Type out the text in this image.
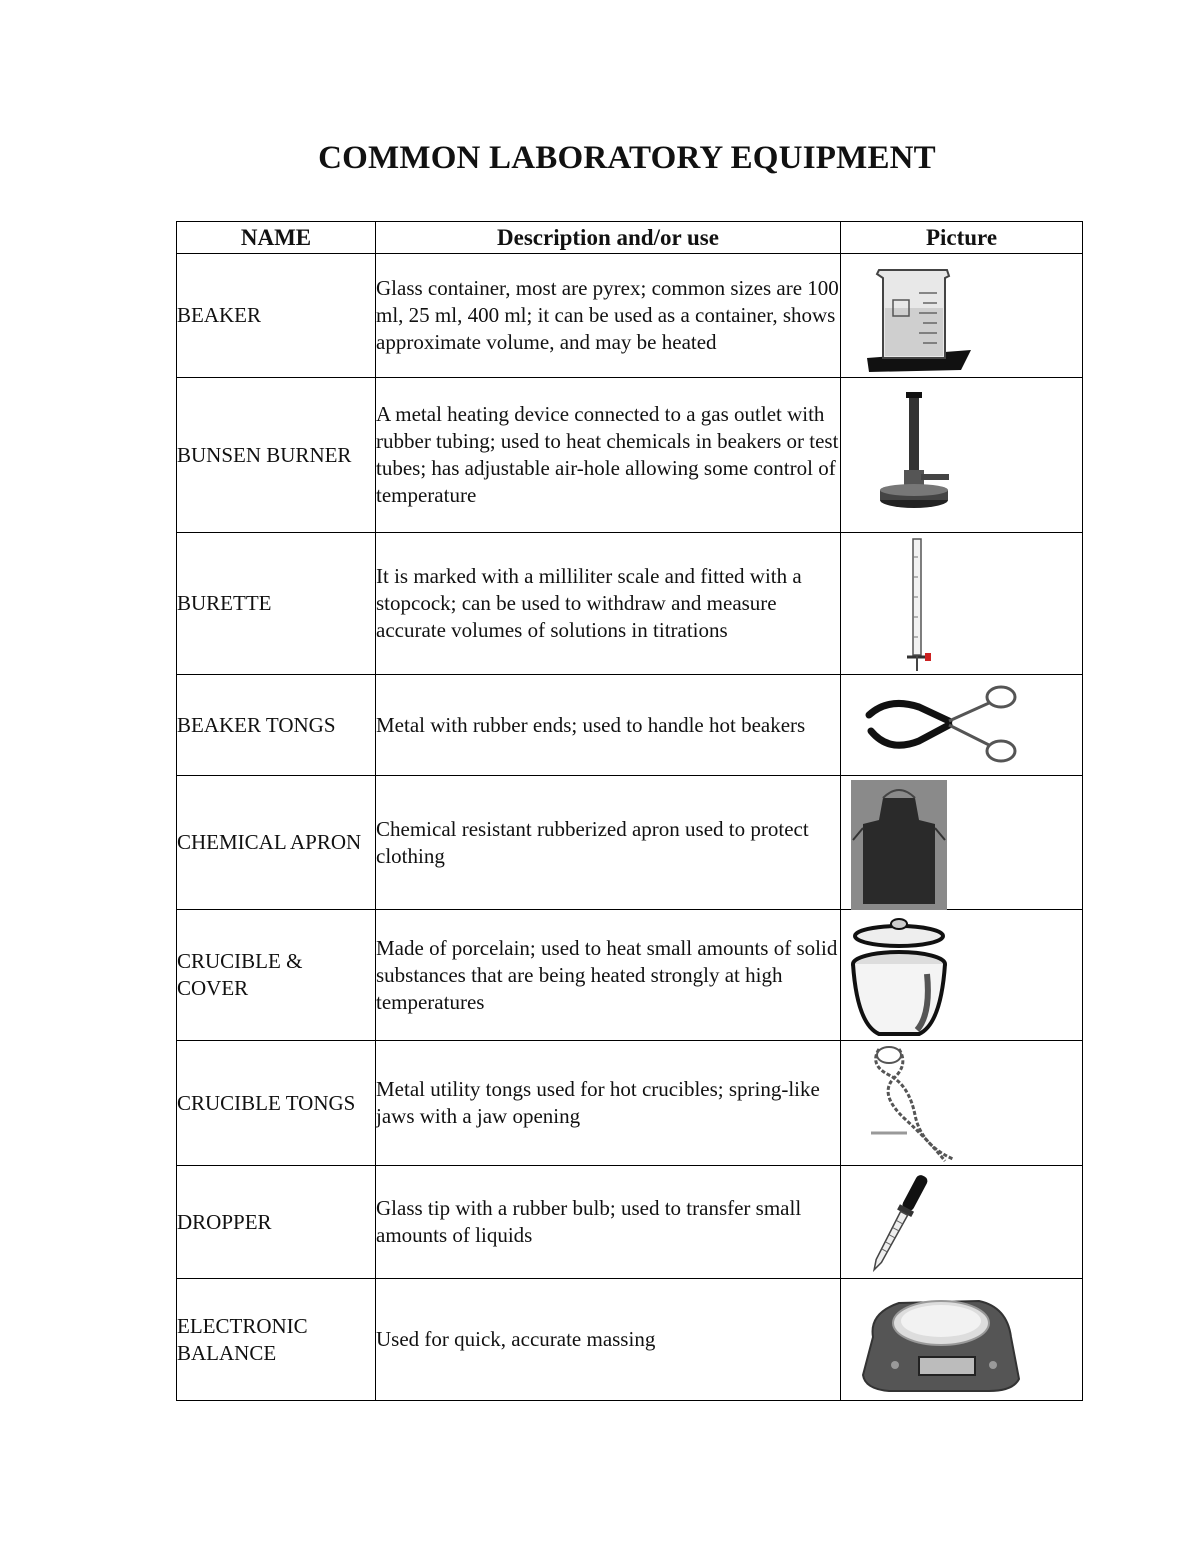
COMMON LABORATORY EQUIPMENT
NAME	Description and/or use	Picture
BEAKER	Glass container, most are pyrex; common sizes are 100 ml, 25 ml, 400 ml; it can be used as a container, shows approximate volume, and may be heated	

BUNSEN BURNER	A metal heating device connected to a gas outlet with rubber tubing; used to heat chemicals in beakers or test tubes; has adjustable air-hole allowing some control of temperature	

BURETTE	It is marked with a milliliter scale and fitted with a stopcock; can be used to withdraw and measure accurate volumes of solutions in titrations	

BEAKER TONGS	Metal with rubber ends; used to handle hot beakers	

CHEMICAL APRON	Chemical resistant rubberized apron used to protect clothing	

CRUCIBLE & COVER	Made of porcelain; used to heat small amounts of solid substances that are being heated strongly at high temperatures	

CRUCIBLE TONGS	Metal utility tongs used for hot crucibles; spring-like jaws with a jaw opening	

DROPPER	Glass tip with a rubber bulb; used to transfer small amounts of liquids	

ELECTRONIC BALANCE	Used for quick, accurate massing	
